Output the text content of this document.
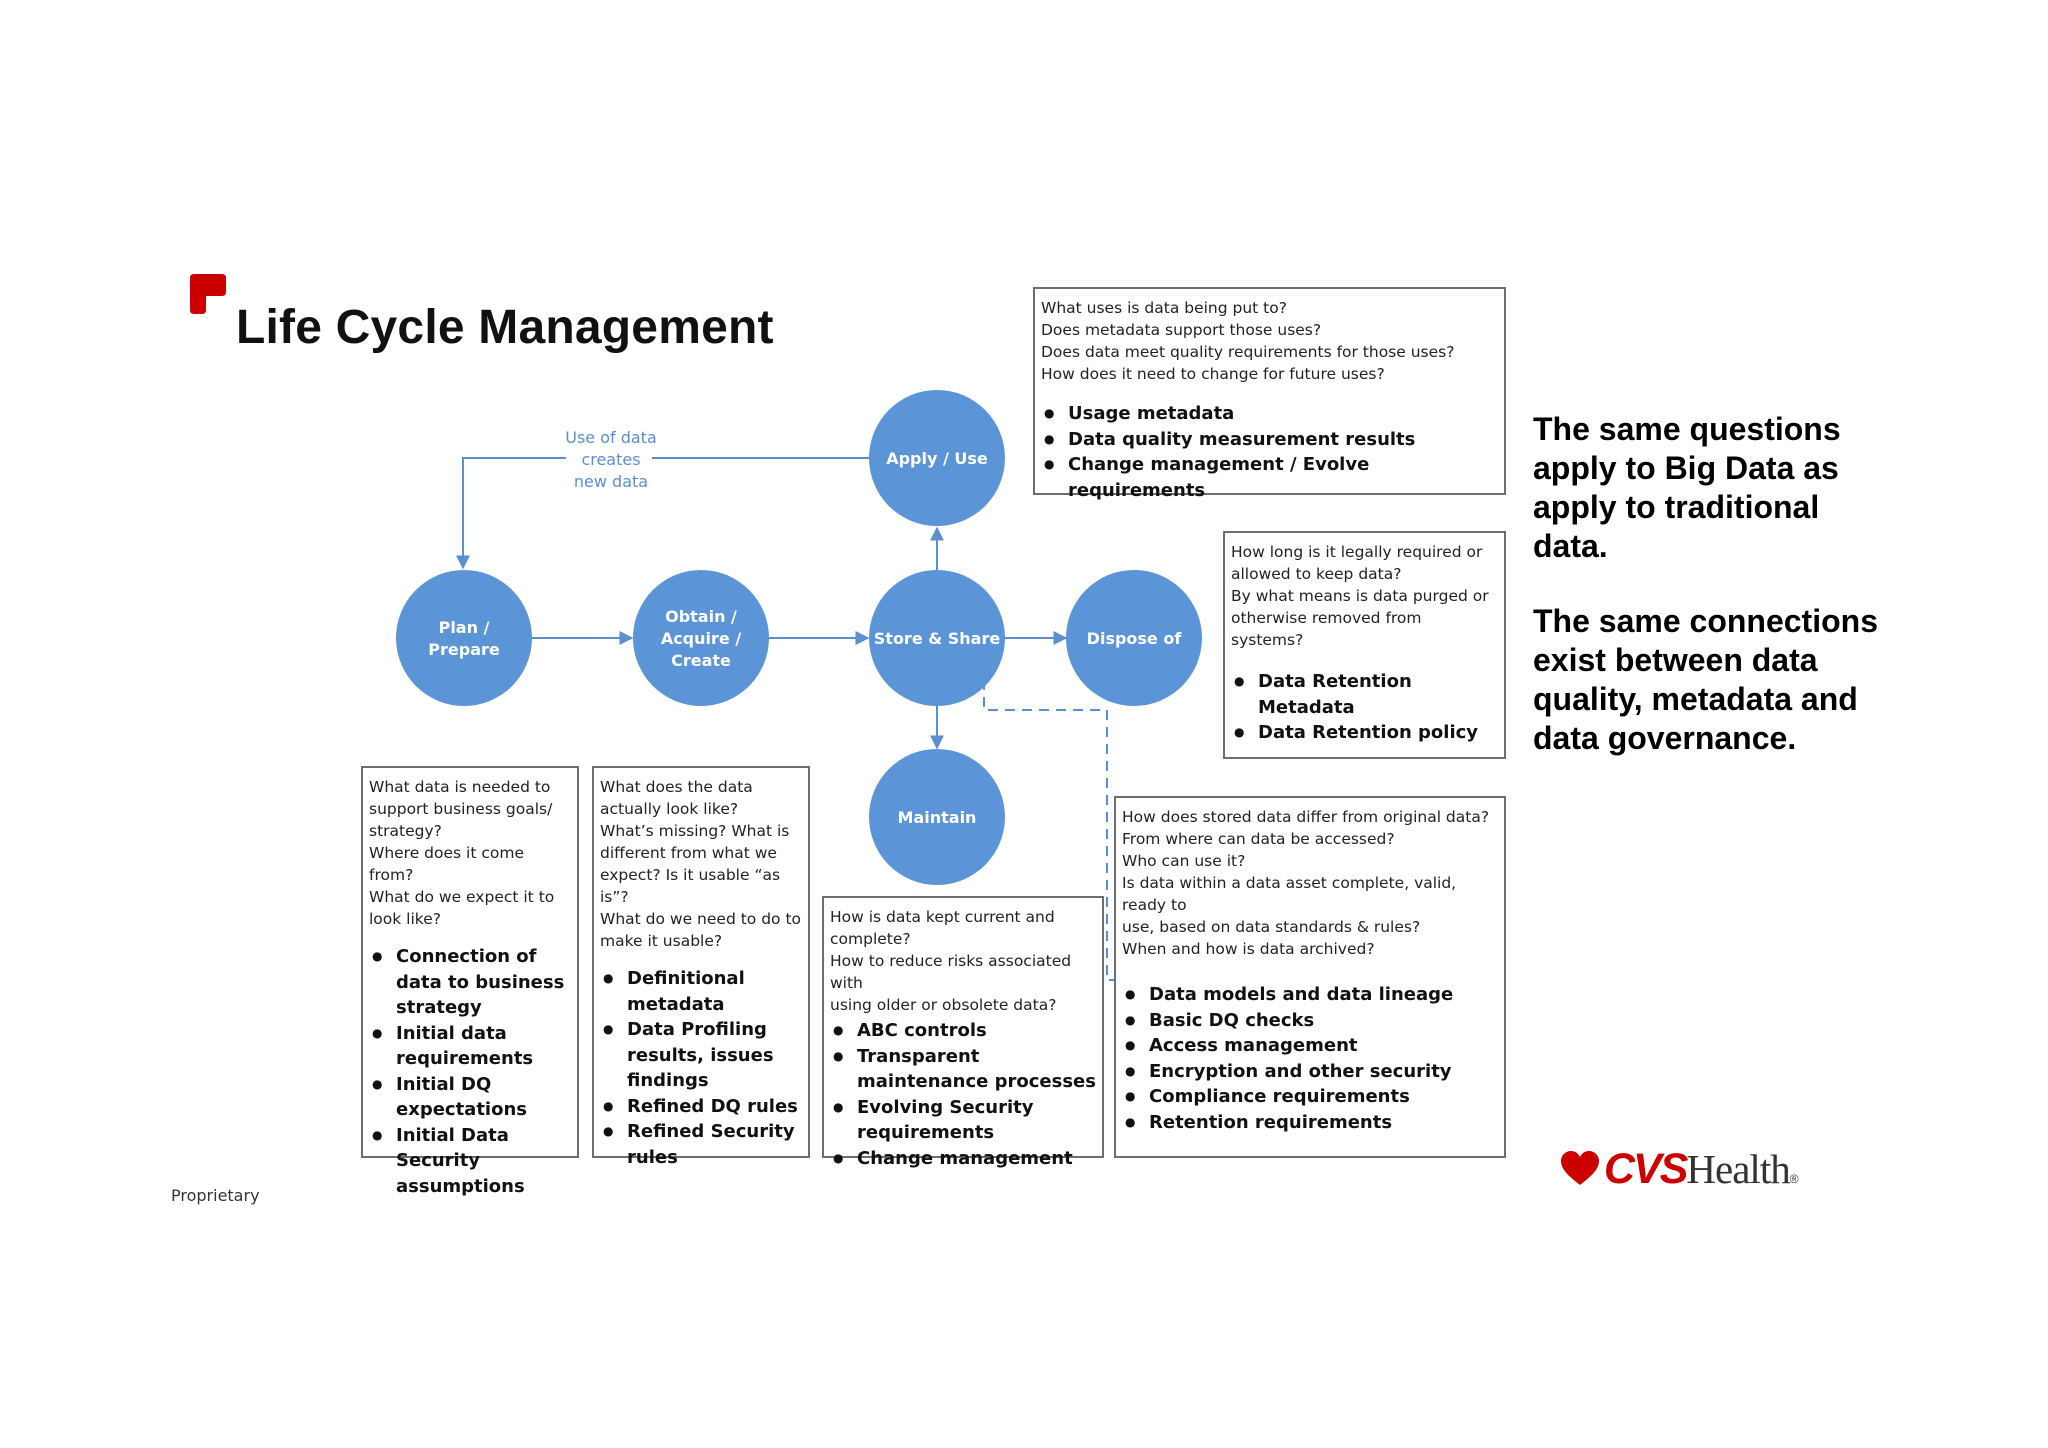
Life Cycle Management
Use of data
creates
new data
Plan /
Prepare
Obtain /
Acquire /
Create
Store & Share	Dispose of
Apply / Use
Maintain
What data is needed to
support business goals/
strategy?
Where does it come from?
What do we expect it to
look like?
● Connection of data to business strategy
● Initial data requirements
● Initial DQ expectations
● Initial Data Security assumptions
What does the data
actually look like?
What’s missing? What is
different from what we
expect? Is it usable “as is”?
What do we need to do to
make it usable?
● Definitional metadata
● Data Profiling results, issues findings
● Refined DQ rules
● Refined Security rules
How is data kept current and
complete?
How to reduce risks associated with
using older or obsolete data?
● ABC controls
● Transparent maintenance processes
● Evolving Security requirements
● Change management
How does stored data differ from original data?
From where can data be accessed?
Who can use it?
Is data within a data asset complete, valid, ready to
use, based on data standards & rules?
When and how is data archived?
● Data models and data lineage
● Basic DQ checks
● Access management
● Encryption and other security
● Compliance requirements
● Retention requirements
What uses is data being put to?
Does metadata support those uses?
Does data meet quality requirements for those uses?
How does it need to change for future uses?
● Usage metadata
● Data quality measurement results
● Change management / Evolve requirements
How long is it legally required or
allowed to keep data?
By what means is data purged or
otherwise removed from systems?
● Data Retention Metadata
● Data Retention policy
The same questions apply to Big Data as apply to traditional data.
The same connections exist between data quality, metadata and data governance.
Proprietary
CVS Health ®
